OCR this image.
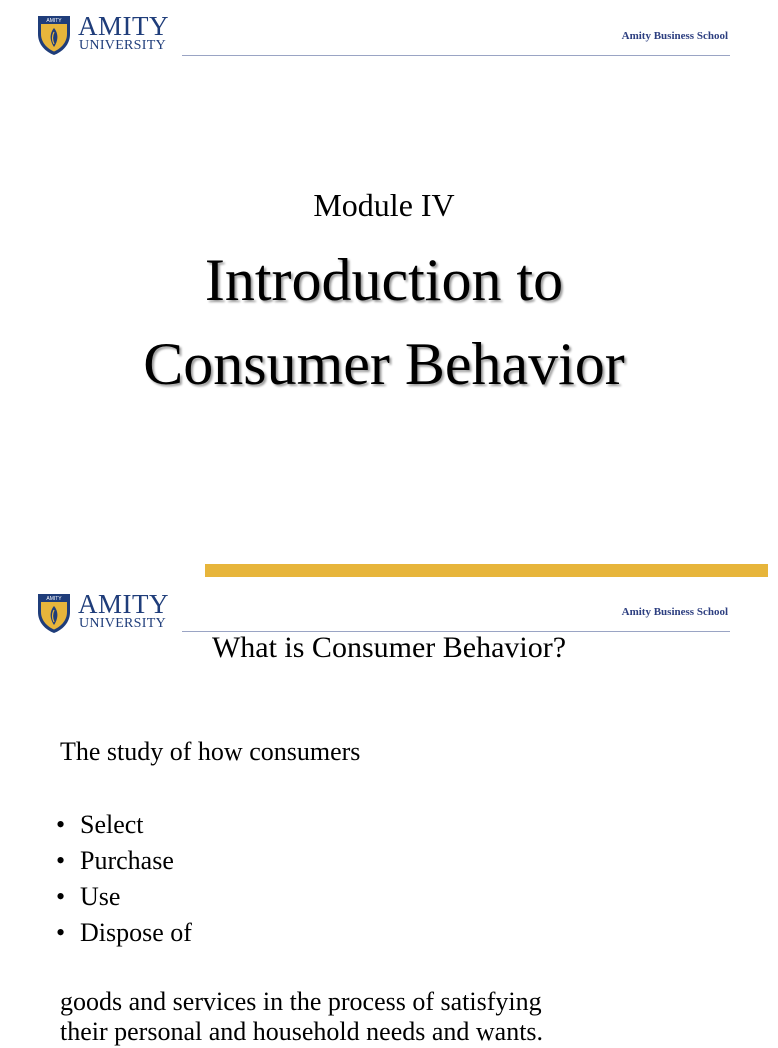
AMITY AMITY
UNIVERSITY
Amity Business School
Module IV
Introduction to
Consumer Behavior
AMITY AMITY
UNIVERSITY
Amity Business School
What is Consumer Behavior?
The study of how consumers
• Select
• Purchase
• Use
• Dispose of
goods and services in the process of satisfying
their personal and household needs and wants.
